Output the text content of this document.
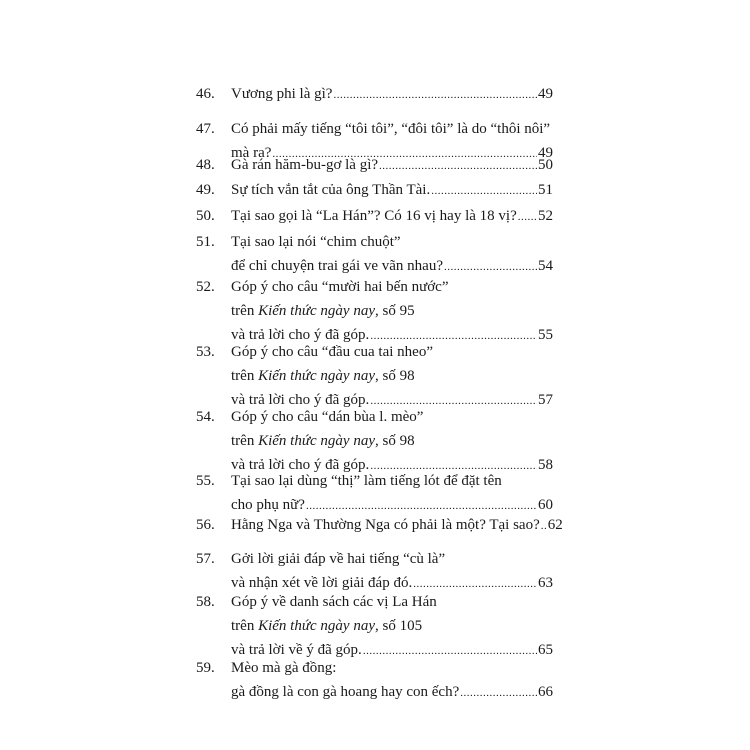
46. Vương phi là gì? .....	49
47. Có phải mấy tiếng “tôi tôi”, “đôi tôi” là do “thôi nôi”
mà ra? .....	49
48. Gà rán hăm-bu-gơ là gì? .....	50
49. Sự tích vắn tắt của ông Thần Tài. .....	51
50. Tại sao gọi là “La Hán”? Có 16 vị hay là 18 vị? ..... 52
51. Tại sao lại nói “chim chuột”
để chỉ chuyện trai gái ve vãn nhau? .....	54
52. Góp ý cho câu “mười hai bến nước”
trên Kiến thức ngày nay, số 95
và trả lời cho ý đã góp. .....	55
53. Góp ý cho câu “đầu cua tai nheo”
trên Kiến thức ngày nay, số 98
và trả lời cho ý đã góp. .....	57
54. Góp ý cho câu “dán bùa l. mèo”
trên Kiến thức ngày nay, số 98
và trả lời cho ý đã góp. .....	58
55. Tại sao lại dùng “thị” làm tiếng lót để đặt tên
cho phụ nữ? .....	60
56. Hằng Nga và Thường Nga có phải là một? Tại sao? ..... 62
57. Gởi lời giải đáp về hai tiếng “cù là”
và nhận xét về lời giải đáp đó. .....	63
58. Góp ý về danh sách các vị La Hán
trên Kiến thức ngày nay, số 105
và trả lời về ý đã góp. .....	65
59. Mèo mà gà đồng:
gà đồng là con gà hoang hay con ếch? .....	66
